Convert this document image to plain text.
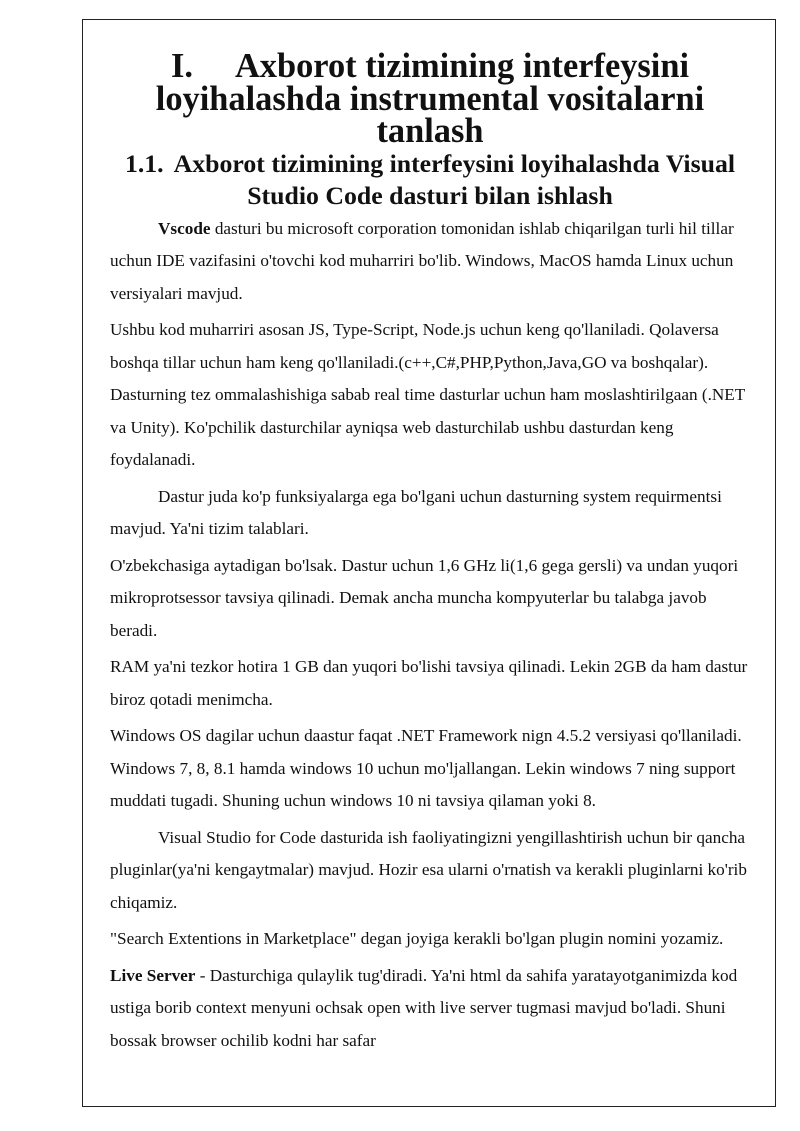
I. Axborot tizimining interfeysini loyihalashda instrumental vositalarni tanlash
1.1. Axborot tizimining interfeysini loyihalashda Visual Studio Code dasturi bilan ishlash

Vscode dasturi bu microsoft corporation tomonidan ishlab chiqarilgan turli hil tillar uchun IDE vazifasini o'tovchi kod muharriri bo'lib. Windows, MacOS hamda Linux uchun versiyalari mavjud.

Ushbu kod muharriri asosan JS, Type-Script, Node.js uchun keng qo'llaniladi. Qolaversa boshqa tillar uchun ham keng qo'llaniladi.(c++,C#,PHP,Python,Java,GO va boshqalar). Dasturning tez ommalashishiga sabab real time dasturlar uchun ham moslashtirilgaan (.NET va Unity). Ko'pchilik dasturchilar ayniqsa web dasturchilab ushbu dasturdan keng foydalanadi.

Dastur juda ko'p funksiyalarga ega bo'lgani uchun dasturning system requirmentsi mavjud. Ya'ni tizim talablari.

O'zbekchasiga aytadigan bo'lsak. Dastur uchun 1,6 GHz li(1,6 gega gersli) va undan yuqori mikroprotsessor tavsiya qilinadi. Demak ancha muncha kompyuterlar bu talabga javob beradi.

RAM ya'ni tezkor hotira 1 GB dan yuqori bo'lishi tavsiya qilinadi. Lekin 2GB da ham dastur biroz qotadi menimcha.

Windows OS dagilar uchun daastur faqat .NET Framework nign 4.5.2 versiyasi qo'llaniladi. Windows 7, 8, 8.1 hamda windows 10 uchun mo'ljallangan. Lekin windows 7 ning support muddati tugadi. Shuning uchun windows 10 ni tavsiya qilaman yoki 8.

Visual Studio for Code dasturida ish faoliyatingizni yengillashtirish uchun bir qancha pluginlar(ya'ni kengaytmalar) mavjud. Hozir esa ularni o'rnatish va kerakli pluginlarni ko'rib chiqamiz.

"Search Extentions in Marketplace" degan joyiga kerakli bo'lgan plugin nomini yozamiz.

Live Server - Dasturchiga qulaylik tug'diradi. Ya'ni html da sahifa yaratayotganimizda kod ustiga borib context menyuni ochsak open with live server tugmasi mavjud bo'ladi. Shuni bossak browser ochilib kodni har safar
